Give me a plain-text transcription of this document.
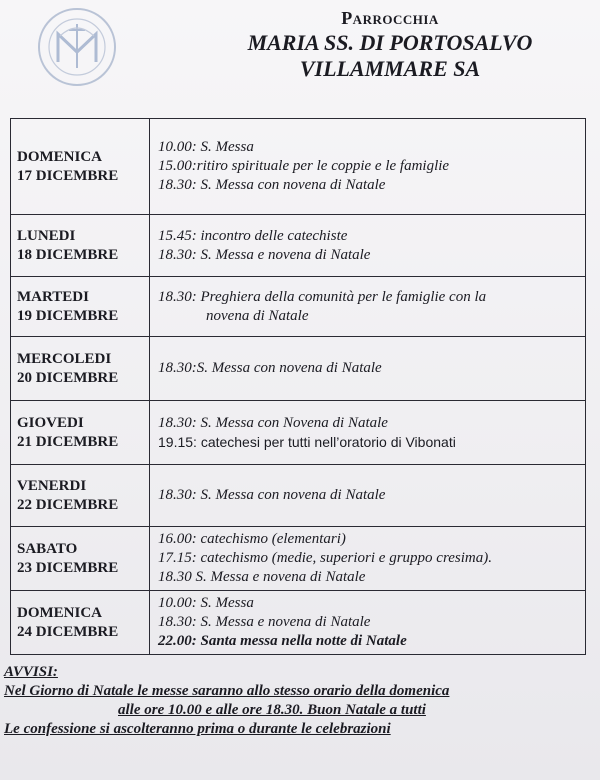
Parrocchia
MARIA SS. DI PORTOSALVO
VILLAMMARE SA
DOMENICA
17 DICEMBRE	10.00: S. Messa
15.00:ritiro spirituale per le coppie e le famiglie
18.30: S. Messa con novena di Natale

LUNEDI
18 DICEMBRE	15.45: incontro delle catechiste
18.30: S. Messa e novena di Natale

MARTEDI
19 DICEMBRE	18.30: Preghiera della comunità per le famiglie con la
novena di Natale

MERCOLEDI
20 DICEMBRE	18.30:S. Messa con novena di Natale

GIOVEDI
21 DICEMBRE	18.30: S. Messa con Novena di Natale
19.15: catechesi per tutti nell’oratorio di Vibonati

VENERDI
22 DICEMBRE	18.30: S. Messa con novena di Natale

SABATO
23 DICEMBRE	16.00: catechismo (elementari)
17.15: catechismo (medie, superiori e gruppo cresima).
18.30 S. Messa e novena di Natale

DOMENICA
24 DICEMBRE	10.00: S. Messa
18.30: S. Messa e novena di Natale
22.00: Santa messa nella notte di Natale
AVVISI:
Nel Giorno di Natale le messe saranno allo stesso orario della domenica
alle ore 10.00 e alle ore 18.30. Buon Natale a tutti
Le confessione si ascolteranno prima o durante le celebrazioni
